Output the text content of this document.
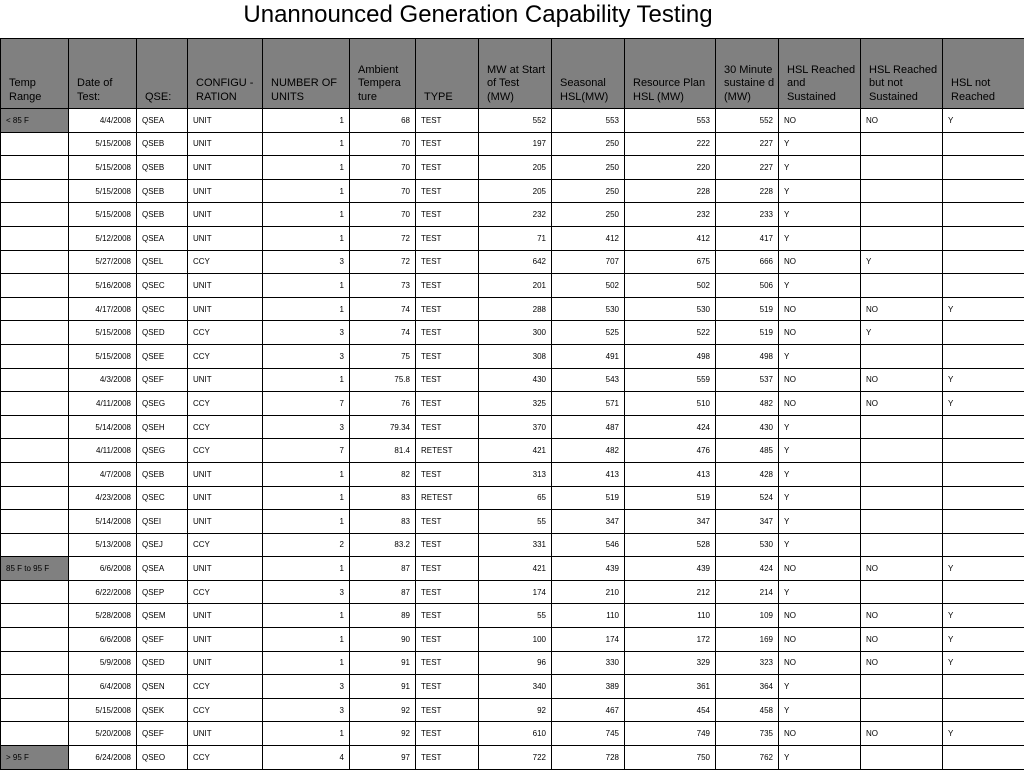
Unannounced Generation Capability Testing
Temp Range	Date of Test:	QSE:	CONFIGU -RATION	NUMBER OF UNITS	Ambient Tempera ture	TYPE	MW at Start of Test (MW)	Seasonal HSL(MW)	Resource Plan HSL (MW)	30 Minute sustaine d (MW)	HSL Reached and Sustained	HSL Reached but not Sustained	HSL not Reached
< 85 F	4/4/2008	QSEA	UNIT	1	68	TEST	552	553	553	552	NO	NO	Y
	5/15/2008	QSEB	UNIT	1	70	TEST	197	250	222	227	Y		
	5/15/2008	QSEB	UNIT	1	70	TEST	205	250	220	227	Y		
	5/15/2008	QSEB	UNIT	1	70	TEST	205	250	228	228	Y		
	5/15/2008	QSEB	UNIT	1	70	TEST	232	250	232	233	Y		
	5/12/2008	QSEA	UNIT	1	72	TEST	71	412	412	417	Y		
	5/27/2008	QSEL	CCY	3	72	TEST	642	707	675	666	NO	Y	
	5/16/2008	QSEC	UNIT	1	73	TEST	201	502	502	506	Y		
	4/17/2008	QSEC	UNIT	1	74	TEST	288	530	530	519	NO	NO	Y
	5/15/2008	QSED	CCY	3	74	TEST	300	525	522	519	NO	Y	
	5/15/2008	QSEE	CCY	3	75	TEST	308	491	498	498	Y		
	4/3/2008	QSEF	UNIT	1	75.8	TEST	430	543	559	537	NO	NO	Y
	4/11/2008	QSEG	CCY	7	76	TEST	325	571	510	482	NO	NO	Y
	5/14/2008	QSEH	CCY	3	79.34	TEST	370	487	424	430	Y		
	4/11/2008	QSEG	CCY	7	81.4	RETEST	421	482	476	485	Y		
	4/7/2008	QSEB	UNIT	1	82	TEST	313	413	413	428	Y		
	4/23/2008	QSEC	UNIT	1	83	RETEST	65	519	519	524	Y		
	5/14/2008	QSEI	UNIT	1	83	TEST	55	347	347	347	Y		
	5/13/2008	QSEJ	CCY	2	83.2	TEST	331	546	528	530	Y		
85 F to 95 F	6/6/2008	QSEA	UNIT	1	87	TEST	421	439	439	424	NO	NO	Y
	6/22/2008	QSEP	CCY	3	87	TEST	174	210	212	214	Y		
	5/28/2008	QSEM	UNIT	1	89	TEST	55	110	110	109	NO	NO	Y
	6/6/2008	QSEF	UNIT	1	90	TEST	100	174	172	169	NO	NO	Y
	5/9/2008	QSED	UNIT	1	91	TEST	96	330	329	323	NO	NO	Y
	6/4/2008	QSEN	CCY	3	91	TEST	340	389	361	364	Y		
	5/15/2008	QSEK	CCY	3	92	TEST	92	467	454	458	Y		
	5/20/2008	QSEF	UNIT	1	92	TEST	610	745	749	735	NO	NO	Y
> 95 F	6/24/2008	QSEO	CCY	4	97	TEST	722	728	750	762	Y		
